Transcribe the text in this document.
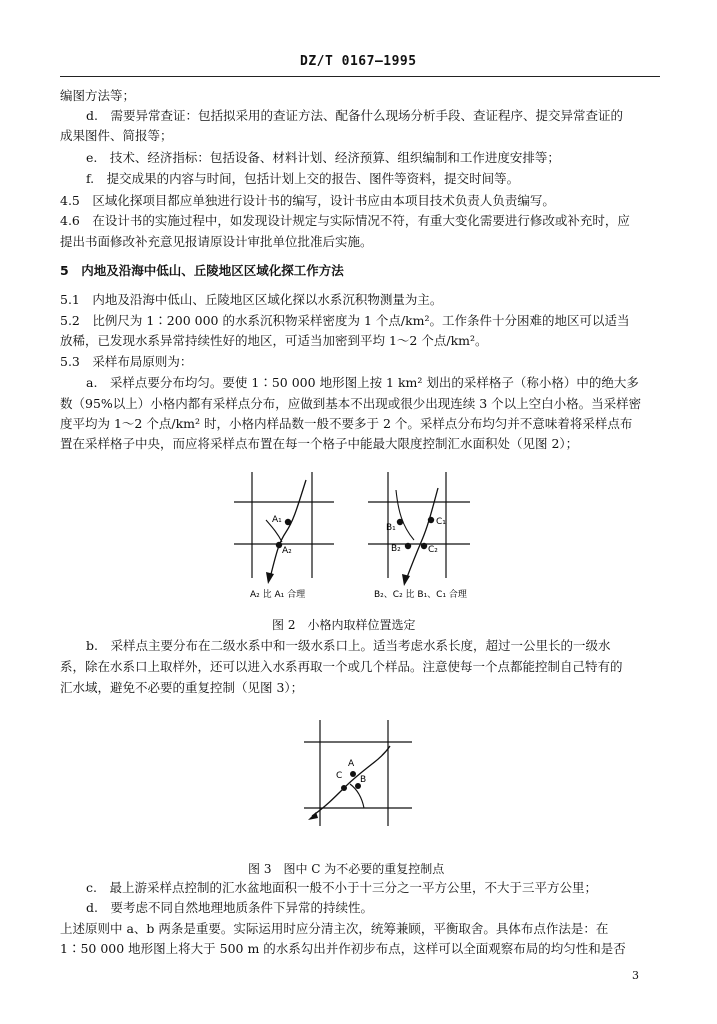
DZ/T 0167—1995
编图方法等；
d.　需要异常查证：包括拟采用的查证方法、配备什么现场分析手段、查证程序、提交异常查证的
成果图件、简报等；
e.　技术、经济指标：包括设备、材料计划、经济预算、组织编制和工作进度安排等；
f.　提交成果的内容与时间，包括计划上交的报告、图件等资料，提交时间等。
4.5　区域化探项目都应单独进行设计书的编写，设计书应由本项目技术负责人负责编写。
4.6　在设计书的实施过程中，如发现设计规定与实际情况不符，有重大变化需要进行修改或补充时，应
提出书面修改补充意见报请原设计审批单位批准后实施。
5　内地及沿海中低山、丘陵地区区域化探工作方法
5.1　内地及沿海中低山、丘陵地区区域化探以水系沉积物测量为主。
5.2　比例尺为 1∶200 000 的水系沉积物采样密度为 1 个点/km²。工作条件十分困难的地区可以适当
放稀，已发现水系异常持续性好的地区，可适当加密到平均 1～2 个点/km²。
5.3　采样布局原则为：
a.　采样点要分布均匀。要使 1∶50 000 地形图上按 1 km² 划出的采样格子（称小格）中的绝大多
数（95%以上）小格内都有采样点分布，应做到基本不出现或很少出现连续 3 个以上空白小格。当采样密
度平均为 1～2 个点/km² 时，小格内样品数一般不要多于 2 个。采样点分布均匀并不意味着将采样点布
置在采样格子中央，而应将采样点布置在每一个格子中能最大限度控制汇水面积处（见图 2）；
A₁
A₂
B₁
C₁
B₂	C₂
A₂ 比 A₁ 合理	B₂、C₂ 比 B₁、C₁ 合理
图 2　小格内取样位置选定
b.　采样点主要分布在二级水系中和一级水系口上。适当考虑水系长度，超过一公里长的一级水
系，除在水系口上取样外，还可以进入水系再取一个或几个样品。注意使每一个点都能控制自己特有的
汇水域，避免不必要的重复控制（见图 3）；
A
C B
图 3　图中 C 为不必要的重复控制点
c.　最上游采样点控制的汇水盆地面积一般不小于十三分之一平方公里，不大于三平方公里；
d.　要考虑不同自然地理地质条件下异常的持续性。
上述原则中 a、b 两条是重要。实际运用时应分清主次，统筹兼顾，平衡取舍。具体布点作法是：在
1∶50 000 地形图上将大于 500 m 的水系勾出并作初步布点，这样可以全面观察布局的均匀性和是否
3
